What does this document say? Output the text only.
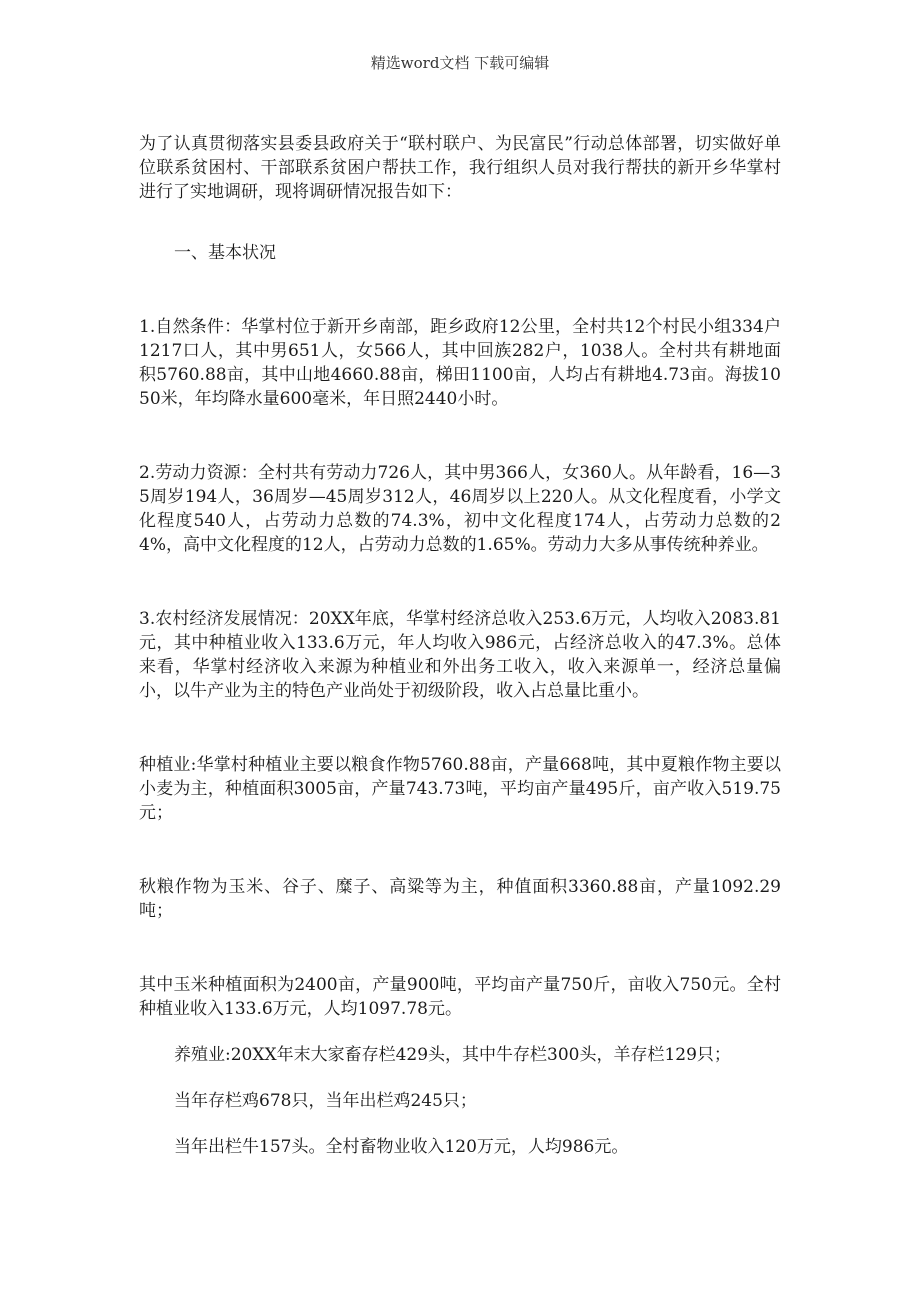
精选word文档 下载可编辑

为了认真贯彻落实县委县政府关于“联村联户、为民富民”行动总体部署，切实做好单位联系贫困村、干部联系贫困户帮扶工作，我行组织人员对我行帮扶的新开乡华掌村进行了实地调研，现将调研情况报告如下：

一、基本状况

1.自然条件：华掌村位于新开乡南部，距乡政府12公里，全村共12个村民小组334户1217口人，其中男651人，女566人，其中回族282户，1038人。全村共有耕地面积5760.88亩，其中山地4660.88亩，梯田1100亩，人均占有耕地4.73亩。海拔1050米，年均降水量600毫米，年日照2440小时。

2.劳动力资源：全村共有劳动力726人，其中男366人，女360人。从年龄看，16—35周岁194人，36周岁—45周岁312人，46周岁以上220人。从文化程度看，小学文化程度540人，占劳动力总数的74.3%，初中文化程度174人，占劳动力总数的24%，高中文化程度的12人，占劳动力总数的1.65%。劳动力大多从事传统种养业。

3.农村经济发展情况：20XX年底，华掌村经济总收入253.6万元，人均收入2083.81元，其中种植业收入133.6万元，年人均收入986元，占经济总收入的47.3%。总体来看，华掌村经济收入来源为种植业和外出务工收入，收入来源单一，经济总量偏小，以牛产业为主的特色产业尚处于初级阶段，收入占总量比重小。

种植业:华掌村种植业主要以粮食作物5760.88亩，产量668吨，其中夏粮作物主要以小麦为主，种植面积3005亩，产量743.73吨，平均亩产量495斤，亩产收入519.75元；

秋粮作物为玉米、谷子、糜子、高粱等为主，种值面积3360.88亩，产量1092.29吨；

其中玉米种植面积为2400亩，产量900吨，平均亩产量750斤，亩收入750元。全村种植业收入133.6万元，人均1097.78元。

养殖业:20XX年末大家畜存栏429头，其中牛存栏300头，羊存栏129只；

当年存栏鸡678只，当年出栏鸡245只；

当年出栏牛157头。全村畜物业收入120万元，人均986元。
